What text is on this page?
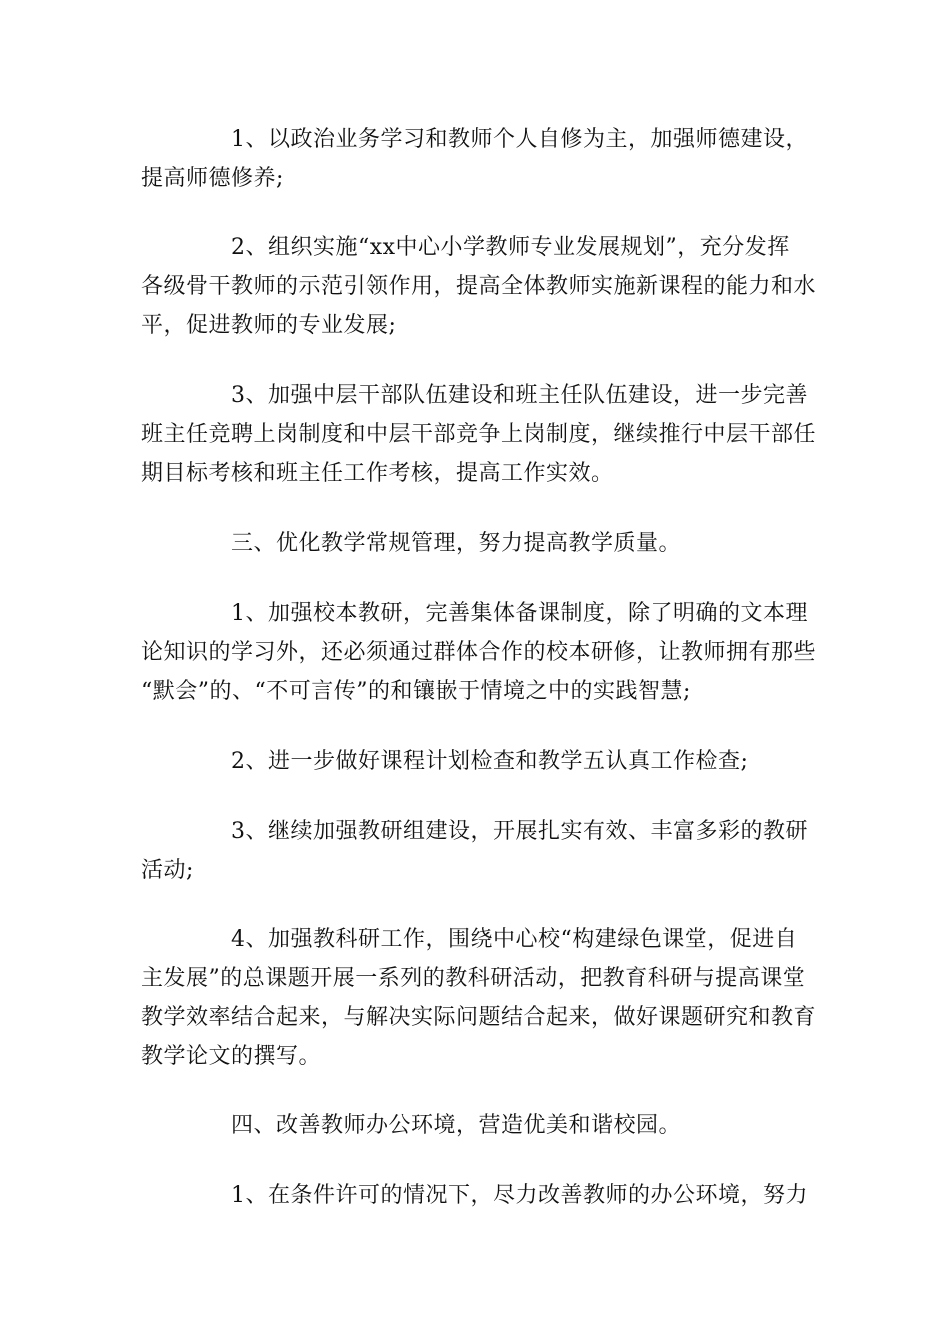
　　　　1、以政治业务学习和教师个人自修为主，加强师德建设，
提高师德修养;

　　　　2、组织实施“xx中心小学教师专业发展规划”，充分发挥
各级骨干教师的示范引领作用，提高全体教师实施新课程的能力和水
平，促进教师的专业发展;

　　　　3、加强中层干部队伍建设和班主任队伍建设，进一步完善
班主任竞聘上岗制度和中层干部竞争上岗制度，继续推行中层干部任
期目标考核和班主任工作考核，提高工作实效。

　　　　三、优化教学常规管理，努力提高教学质量。

　　　　1、加强校本教研，完善集体备课制度，除了明确的文本理
论知识的学习外，还必须通过群体合作的校本研修，让教师拥有那些
“默会”的、“不可言传”的和镶嵌于情境之中的实践智慧;

　　　　2、进一步做好课程计划检查和教学五认真工作检查;

　　　　3、继续加强教研组建设，开展扎实有效、丰富多彩的教研
活动;

　　　　4、加强教科研工作，围绕中心校“构建绿色课堂，促进自
主发展”的总课题开展一系列的教科研活动，把教育科研与提高课堂
教学效率结合起来，与解决实际问题结合起来，做好课题研究和教育
教学论文的撰写。

　　　　四、改善教师办公环境，营造优美和谐校园。

　　　　1、在条件许可的情况下，尽力改善教师的办公环境，努力
